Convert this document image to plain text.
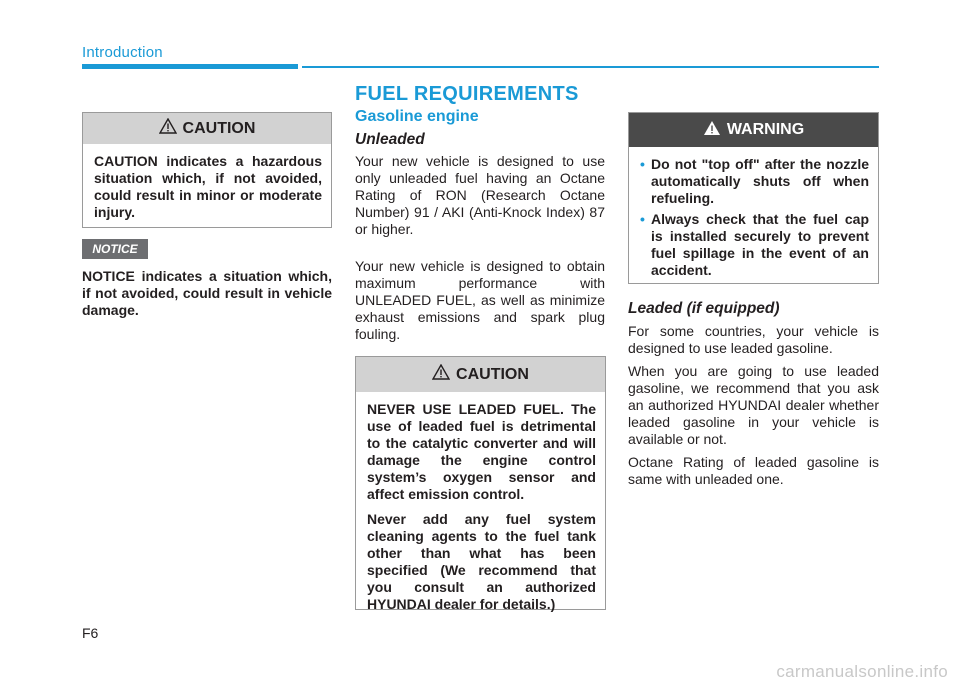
Introduction
FUEL REQUIREMENTS
CAUTION

CAUTION indicates a hazardous situation which, if not avoided, could result in minor or moderate injury.

NOTICE
NOTICE indicates a situation which, if not avoided, could result in vehicle damage.
Gasoline engine
Unleaded

Your new vehicle is designed to use only unleaded fuel having an Octane Rating of RON (Research Octane Number) 91 / AKI (Anti-Knock Index) 87 or higher.

Your new vehicle is designed to obtain maximum performance with UNLEADED FUEL, as well as minimize exhaust emissions and spark plug fouling.

CAUTION

NEVER USE LEADED FUEL. The use of leaded fuel is detrimental to the catalytic converter and will damage the engine control system’s oxygen sensor and affect emission control.

Never add any fuel system cleaning agents to the fuel tank other than what has been specified (We recommend that you consult an authorized HYUNDAI dealer for details.)

WARNING
• Do not "top off" after the nozzle automatically shuts off when refueling.
• Always check that the fuel cap is installed securely to prevent fuel spillage in the event of an accident.
Leaded (if equipped)

For some countries, your vehicle is designed to use leaded gasoline.

When you are going to use leaded gasoline, we recommend that you ask an authorized HYUNDAI dealer whether leaded gasoline in your vehicle is available or not.

Octane Rating of leaded gasoline is same with unleaded one.

F6
carmanualsonline.info
